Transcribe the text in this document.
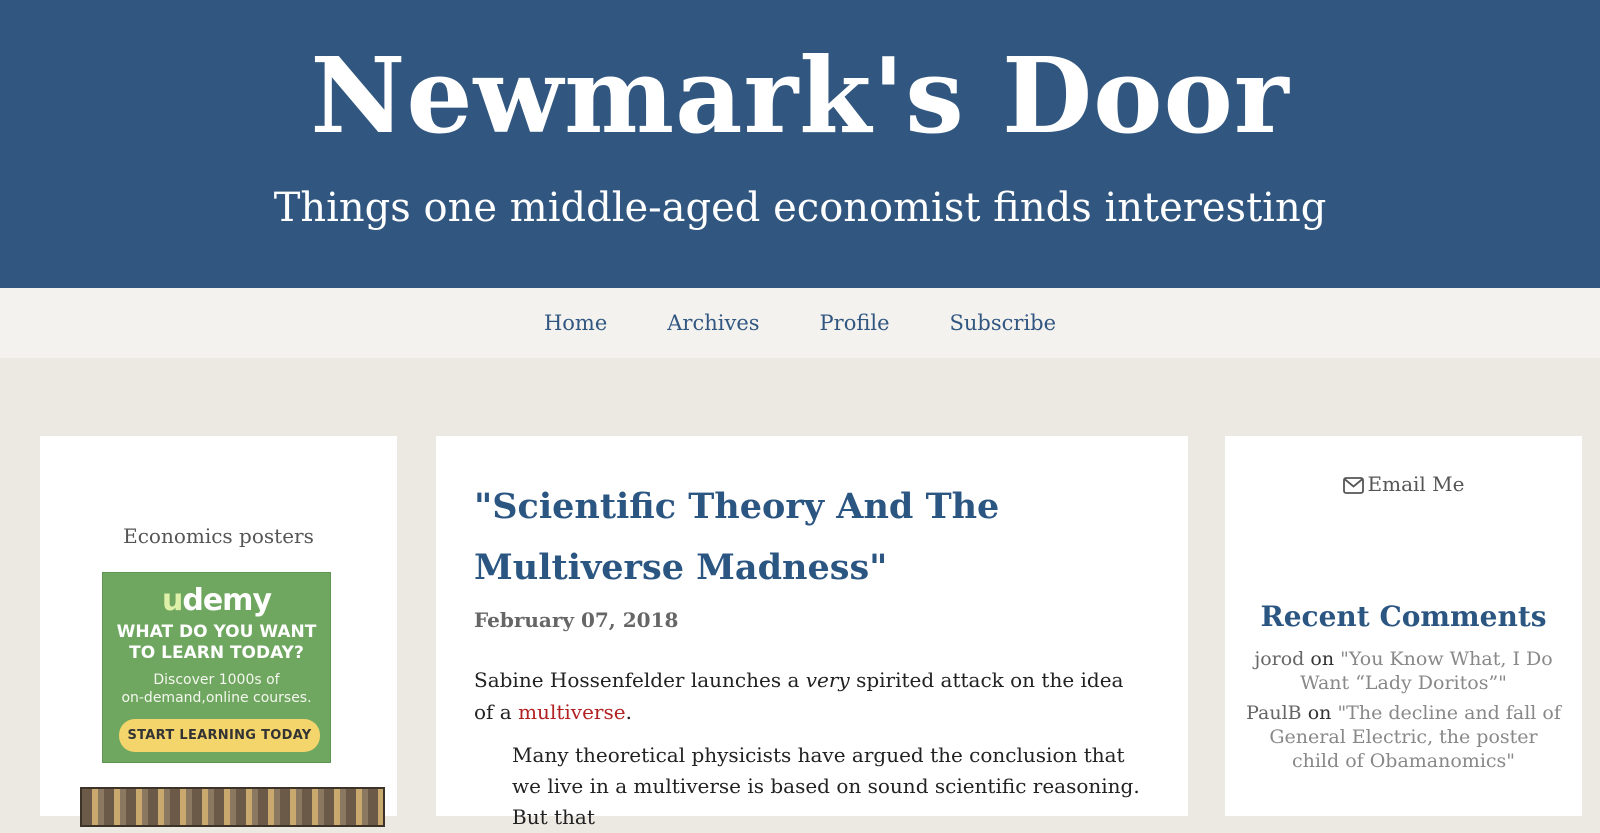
Newmark's Door
Things one middle-aged economist finds interesting
Home	Archives	Profile	Subscribe
Economics posters
udemy
WHAT DO YOU WANT
TO LEARN TODAY?
Discover 1000s of
on-demand,online courses.
START LEARNING TODAY
"Scientific Theory And The Multiverse Madness"
February 07, 2018
Sabine Hossenfelder launches a very spirited attack on the idea of a multiverse.
Many theoretical physicists have argued the conclusion that we live in a multiverse is based on sound scientific reasoning. But that
Email Me
Recent Comments
jorod on "You Know What, I Do Want “Lady Doritos”"
PaulB on "The decline and fall of General Electric, the poster child of Obamanomics"
